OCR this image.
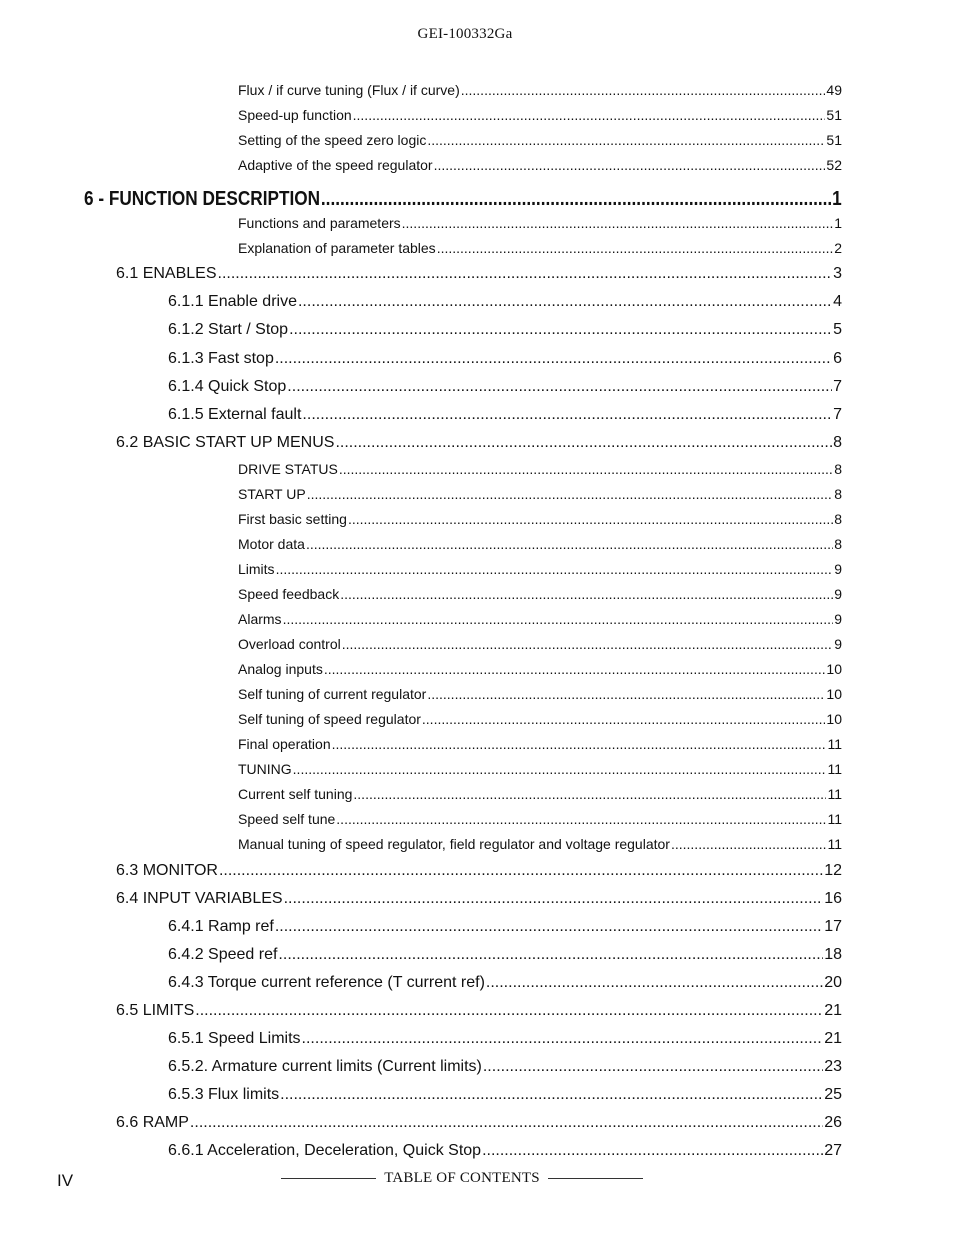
GEI-100332Ga
Flux / if curve tuning (Flux / if curve) .....	49
Speed-up function .....	51
Setting of the speed zero logic .....	51
Adaptive of the speed regulator .....	52
6 - FUNCTION DESCRIPTION .....	1
Functions and parameters .....	1
Explanation of parameter tables .....	2
6.1 ENABLES .....	3
6.1.1 Enable drive .....	4
6.1.2 Start / Stop .....	5
6.1.3 Fast stop .....	6
6.1.4 Quick Stop .....	7
6.1.5 External fault .....	7
6.2 BASIC START UP MENUS .....	8
DRIVE STATUS .....	8
START UP .....	8
First basic setting .....	8
Motor data .....	8
Limits .....	9
Speed feedback .....	9
Alarms .....	9
Overload control .....	9
Analog inputs .....	10
Self tuning of current regulator .....	10
Self tuning of speed regulator .....	10
Final operation .....	11
TUNING .....	11
Current self tuning .....	11
Speed self tune .....	11
Manual tuning of speed regulator, field regulator and voltage regulator .....	11
6.3 MONITOR .....	12
6.4 INPUT VARIABLES .....	16
6.4.1 Ramp ref .....	17
6.4.2 Speed ref .....	18
6.4.3 Torque current reference (T current ref) .....	20
6.5 LIMITS .....	21
6.5.1 Speed Limits .....	21
6.5.2. Armature current limits (Current limits) .....	23
6.5.3 Flux limits .....	25
6.6 RAMP .....	26
6.6.1 Acceleration, Deceleration, Quick Stop .....	27
IV	TABLE OF CONTENTS
